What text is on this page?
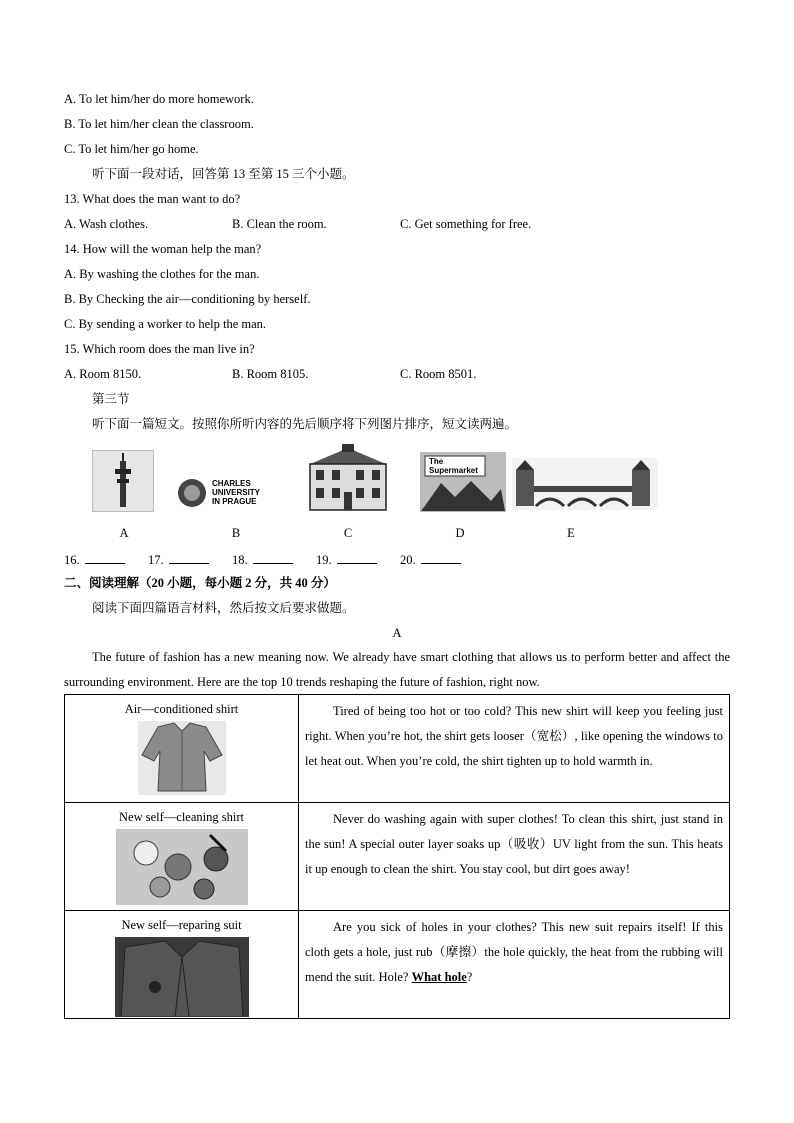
A. To let him/her do more homework.
B. To let him/her clean the classroom.
C. To let him/her go home.
听下面一段对话，回答第 13 至第 15 三个小题。
13. What does the man want to do?
A. Wash clothes.	B. Clean the room.	C. Get something for free.
14. How will the woman help the man?
A. By washing the clothes for the man.
B. By Checking the air—conditioning by herself.
C. By sending a worker to help the man.
15. Which room does the man live in?
A. Room 8150.	B. Room 8105.	C. Room 8501.
第三节
听下面一篇短文。按照你所听内容的先后顺序将下列图片排序，短文读两遍。
CHARLES
UNIVERSITY
IN PRAGUE
The
Supermarket
A	B	C	D	E
16.	17.	18.	19.	20.
二、阅读理解（20 小题，每小题 2 分，共 40 分）
阅读下面四篇语言材料，然后按文后要求做题。
A
The future of fashion has a new meaning now. We already have smart clothing that allows us to perform better and affect the surrounding environment. Here are the top 10 trends reshaping the future of fashion, right now.
Air—conditioned shirt	Tired of being too hot or too cold? This new shirt will keep you feeling just right. When you’re hot, the shirt gets looser（宽松）, like opening the windows to let heat out. When you’re cold, the shirt tighten up to hold warmth in.

New self—cleaning shirt	Never do washing again with super clothes! To clean this shirt, just stand in the sun! A special outer layer soaks up（吸收）UV light from the sun. This heats it up enough to clean the shirt. You stay cool, but dirt goes away!

New self—reparing suit	Are you sick of holes in your clothes? This new suit repairs itself! If this cloth gets a hole, just rub（摩擦）the hole quickly, the heat from the rubbing will mend the suit. Hole? What hole?
